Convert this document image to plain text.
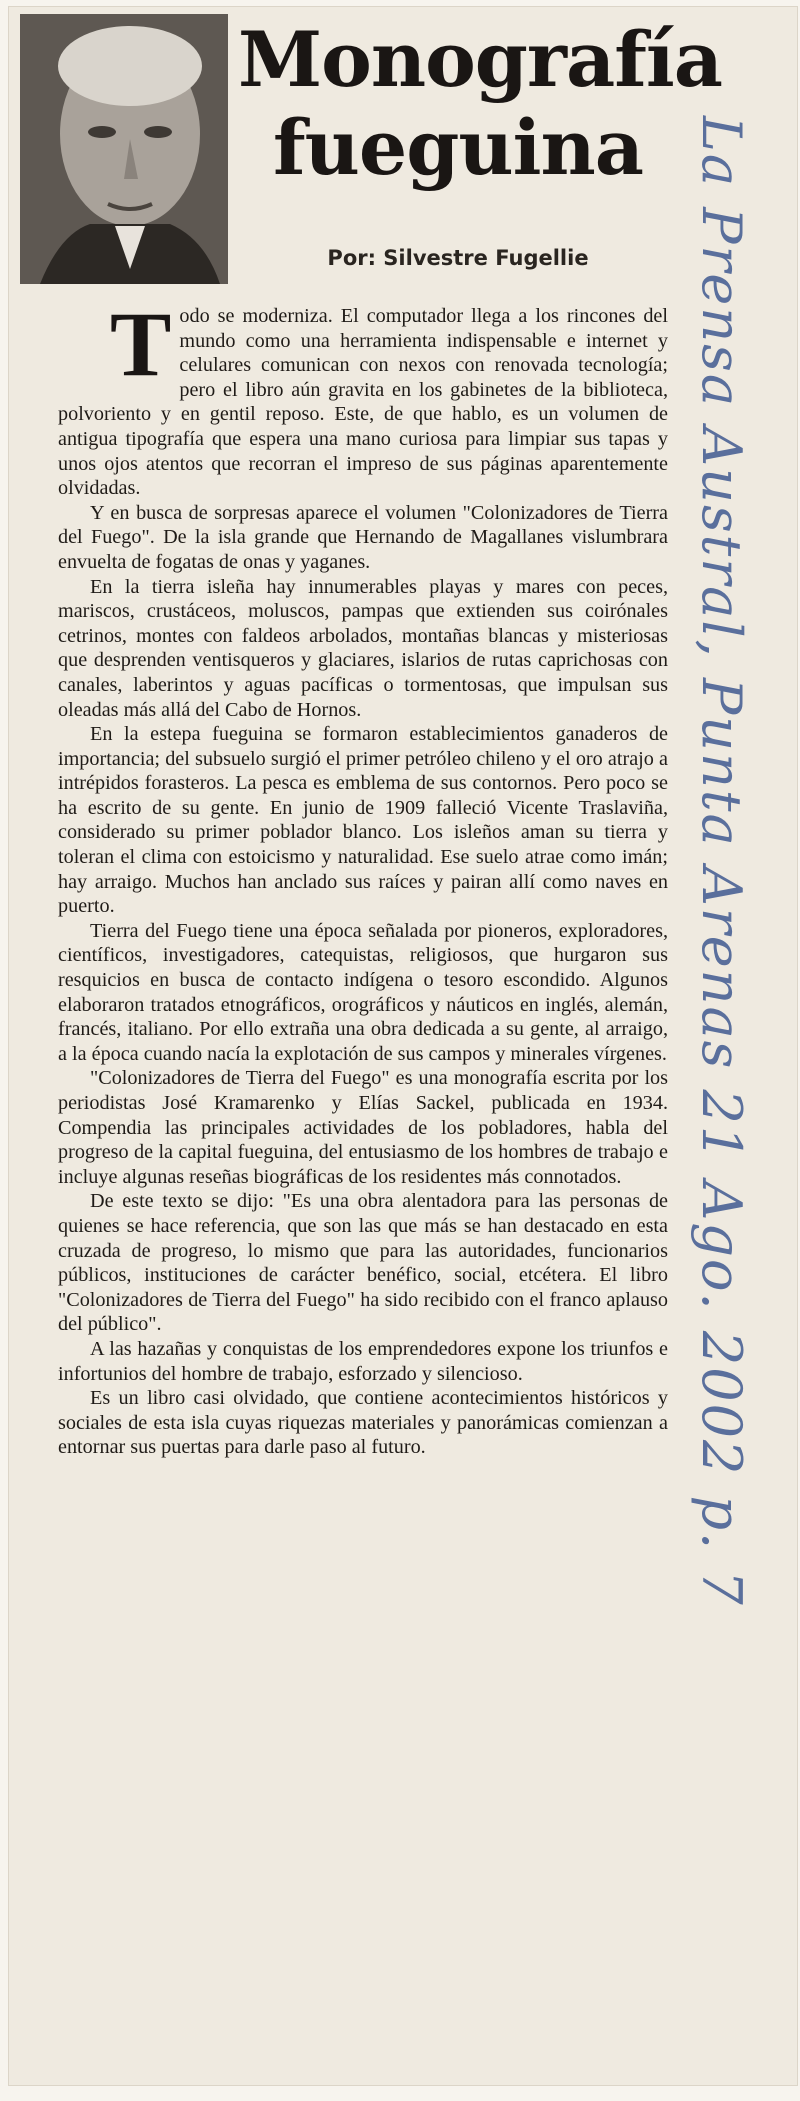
Monografía
fueguina
Por: Silvestre Fugellie

Todo se moderniza. El computador llega a los rincones del mundo como una herramienta indispensable e internet y celulares comunican con nexos con renovada tecnología; pero el libro aún gravita en los gabinetes de la biblioteca, polvoriento y en gentil reposo. Este, de que hablo, es un volumen de antigua tipografía que espera una mano curiosa para limpiar sus tapas y unos ojos atentos que recorran el impreso de sus páginas aparentemente olvidadas.

Y en busca de sorpresas aparece el volumen "Colonizadores de Tierra del Fuego". De la isla grande que Hernando de Magallanes vislumbrara envuelta de fogatas de onas y yaganes.

En la tierra isleña hay innumerables playas y mares con peces, mariscos, crustáceos, moluscos, pampas que extienden sus coirónales cetrinos, montes con faldeos arbolados, montañas blancas y misteriosas que desprenden ventisqueros y glaciares, islarios de rutas caprichosas con canales, laberintos y aguas pacíficas o tormentosas, que impulsan sus oleadas más allá del Cabo de Hornos.

En la estepa fueguina se formaron establecimientos ganaderos de importancia; del subsuelo surgió el primer petróleo chileno y el oro atrajo a intrépidos forasteros. La pesca es emblema de sus contornos. Pero poco se ha escrito de su gente. En junio de 1909 falleció Vicente Traslaviña, considerado su primer poblador blanco. Los isleños aman su tierra y toleran el clima con estoicismo y naturalidad. Ese suelo atrae como imán; hay arraigo. Muchos han anclado sus raíces y pairan allí como naves en puerto.

Tierra del Fuego tiene una época señalada por pioneros, exploradores, científicos, investigadores, catequistas, religiosos, que hurgaron sus resquicios en busca de contacto indígena o tesoro escondido. Algunos elaboraron tratados etnográficos, orográficos y náuticos en inglés, alemán, francés, italiano. Por ello extraña una obra dedicada a su gente, al arraigo, a la época cuando nacía la explotación de sus campos y minerales vírgenes.

"Colonizadores de Tierra del Fuego" es una monografía escrita por los periodistas José Kramarenko y Elías Sackel, publicada en 1934. Compendia las principales actividades de los pobladores, habla del progreso de la capital fueguina, del entusiasmo de los hombres de trabajo e incluye algunas reseñas biográficas de los residentes más connotados.

De este texto se dijo: "Es una obra alentadora para las personas de quienes se hace referencia, que son las que más se han destacado en esta cruzada de progreso, lo mismo que para las autoridades, funcionarios públicos, instituciones de carácter benéfico, social, etcétera. El libro "Colonizadores de Tierra del Fuego" ha sido recibido con el franco aplauso del público".

A las hazañas y conquistas de los emprendedores expone los triunfos e infortunios del hombre de trabajo, esforzado y silencioso.

Es un libro casi olvidado, que contiene acontecimientos históricos y sociales de esta isla cuyas riquezas materiales y panorámicas comienzan a entornar sus puertas para darle paso al futuro.	La Prensa Austral, Punta Arenas 21 Ago. 2002 p. 7
